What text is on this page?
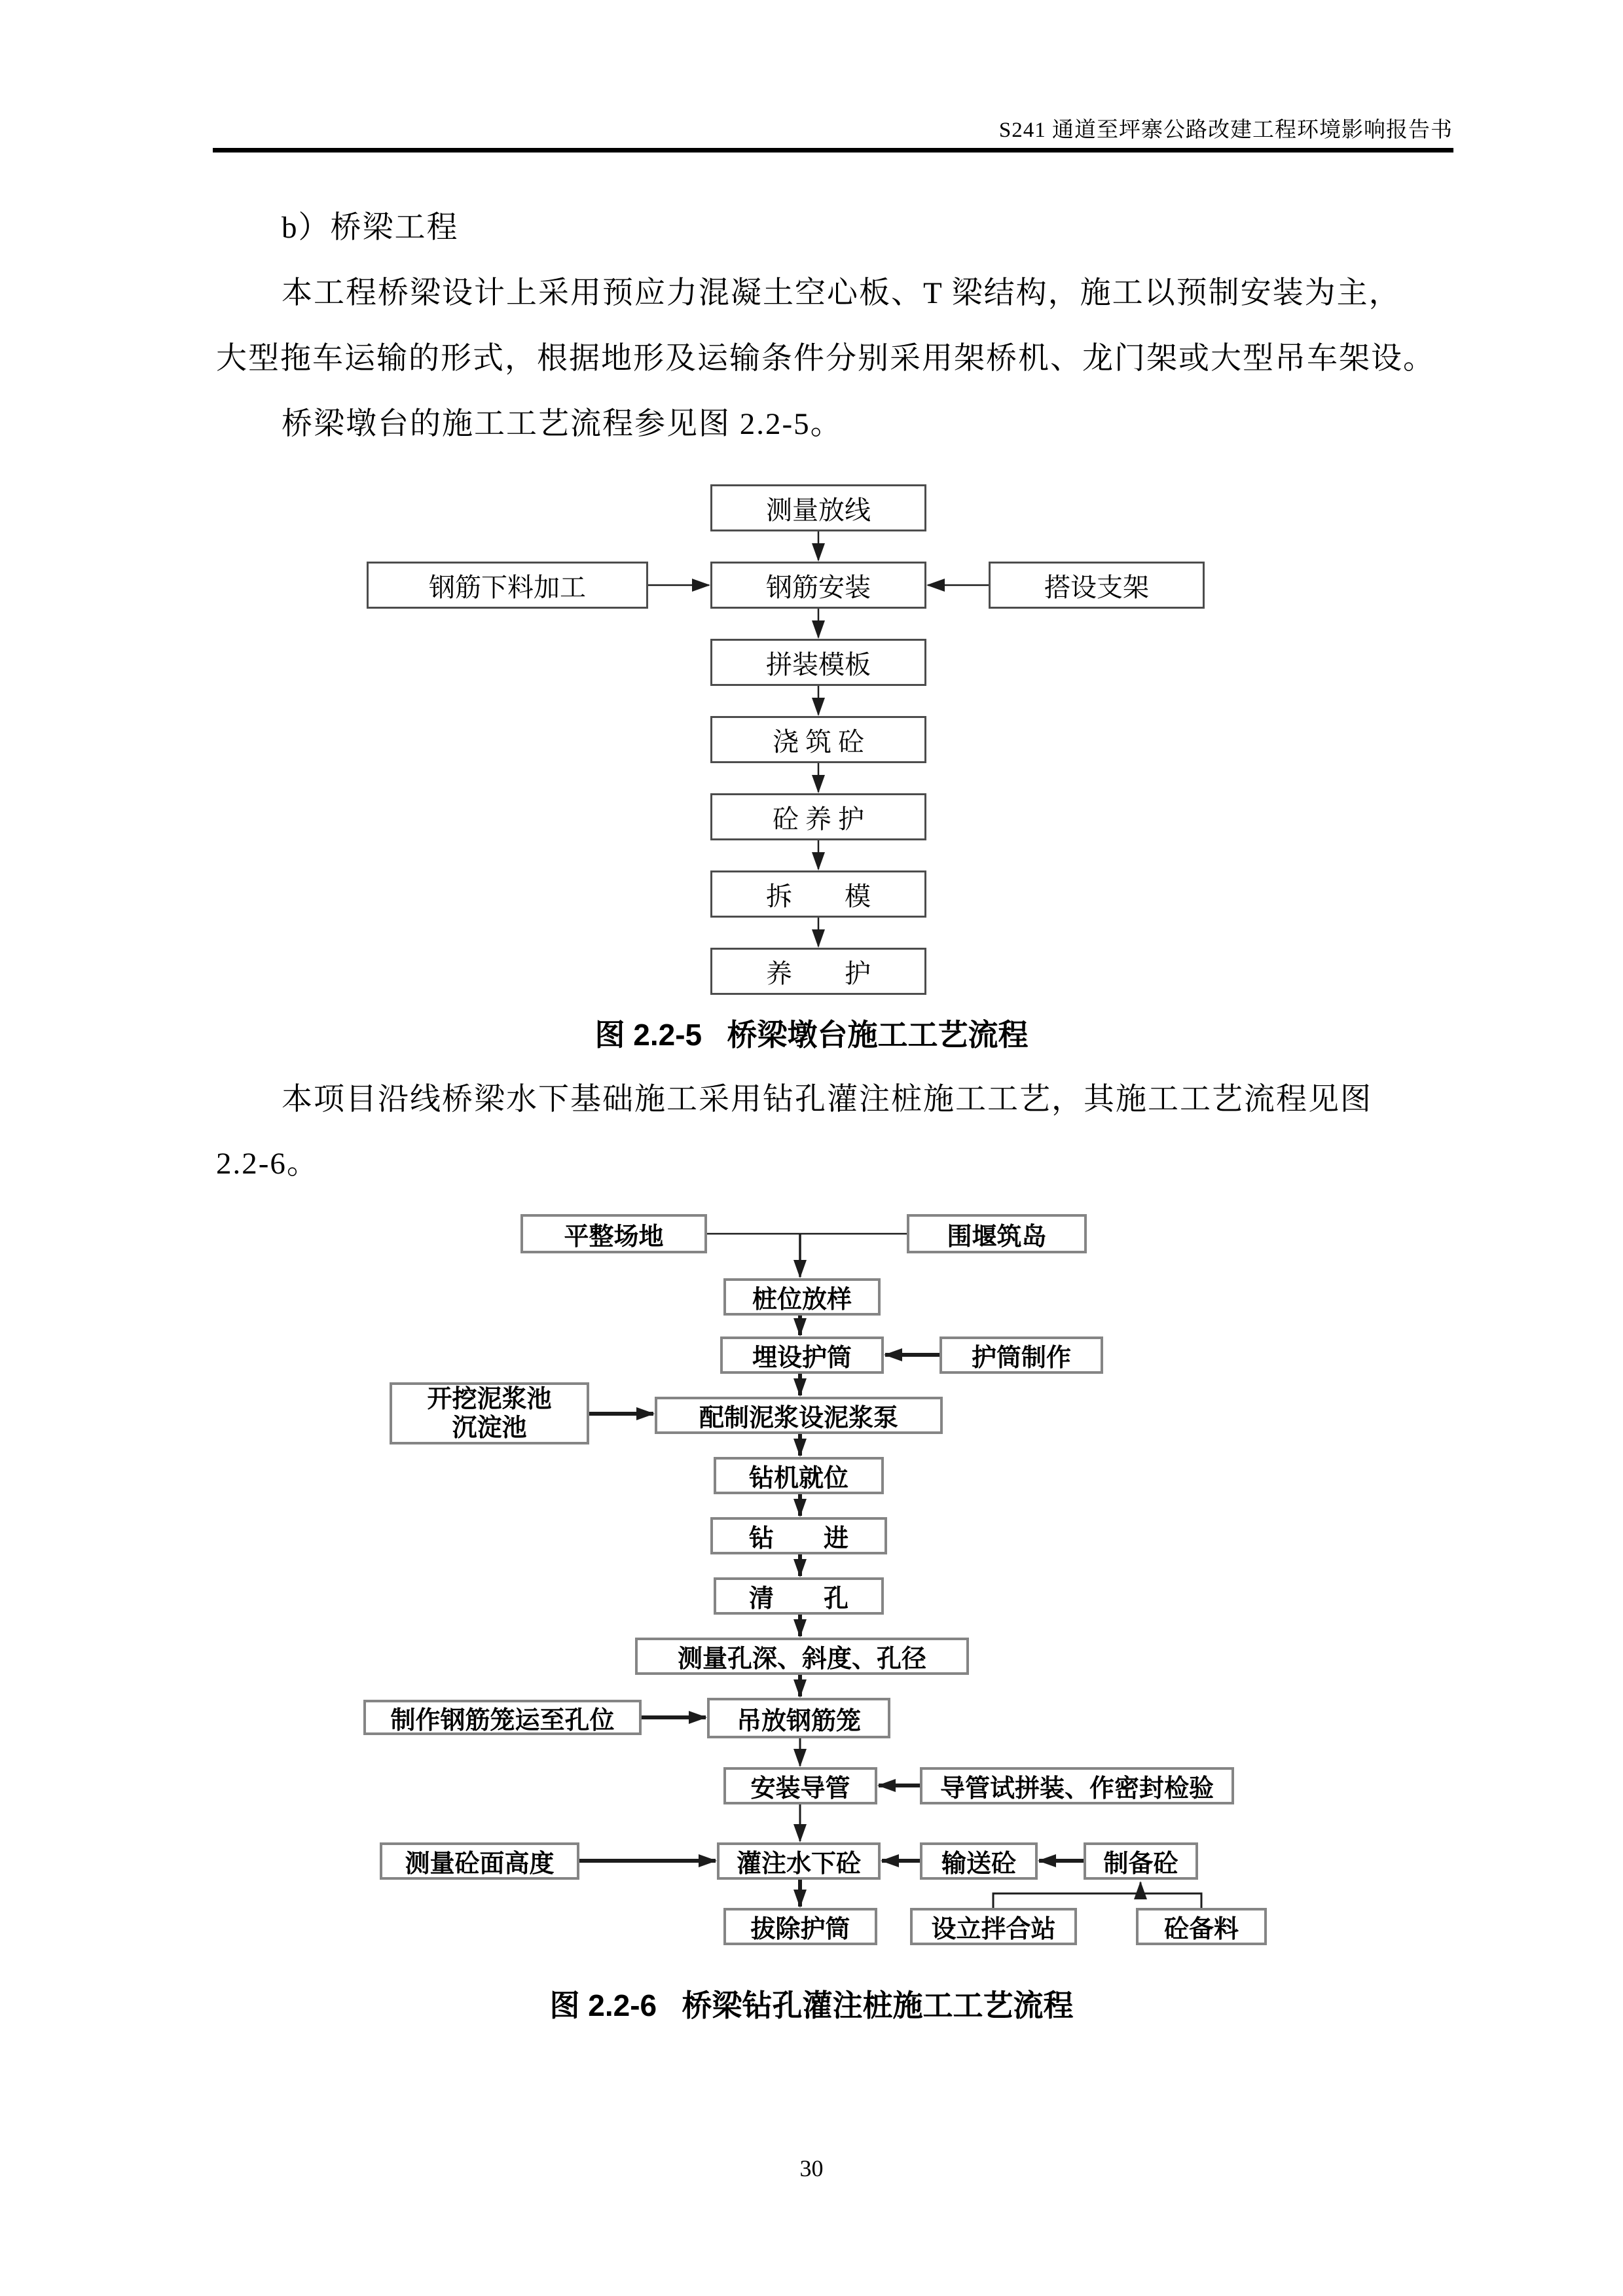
S241 通道至坪寨公路改建工程环境影响报告书
b）桥梁工程
本工程桥梁设计上采用预应力混凝土空心板、T 梁结构，施工以预制安装为主，
大型拖车运输的形式，根据地形及运输条件分别采用架桥机、龙门架或大型吊车架设。
桥梁墩台的施工工艺流程参见图 2.2-5。
测量放线
钢筋下料加工	钢筋安装	搭设支架
拼装模板
浇 筑 砼
砼 养 护
拆　　模
养　　护
图 2.2-5   桥梁墩台施工工艺流程
本项目沿线桥梁水下基础施工采用钻孔灌注桩施工工艺，其施工工艺流程见图
2.2-6。
平整场地	围堰筑岛
桩位放样
埋设护筒	护筒制作
开挖泥浆池
沉淀池	配制泥浆设泥浆泵
钻机就位
钻　　进
清　　孔
测量孔深、斜度、孔径
制作钢筋笼运至孔位	吊放钢筋笼
安装导管	导管试拼装、作密封检验
测量砼面高度	灌注水下砼	输送砼	制备砼
拔除护筒	设立拌合站	砼备料
图 2.2-6   桥梁钻孔灌注桩施工工艺流程
30
